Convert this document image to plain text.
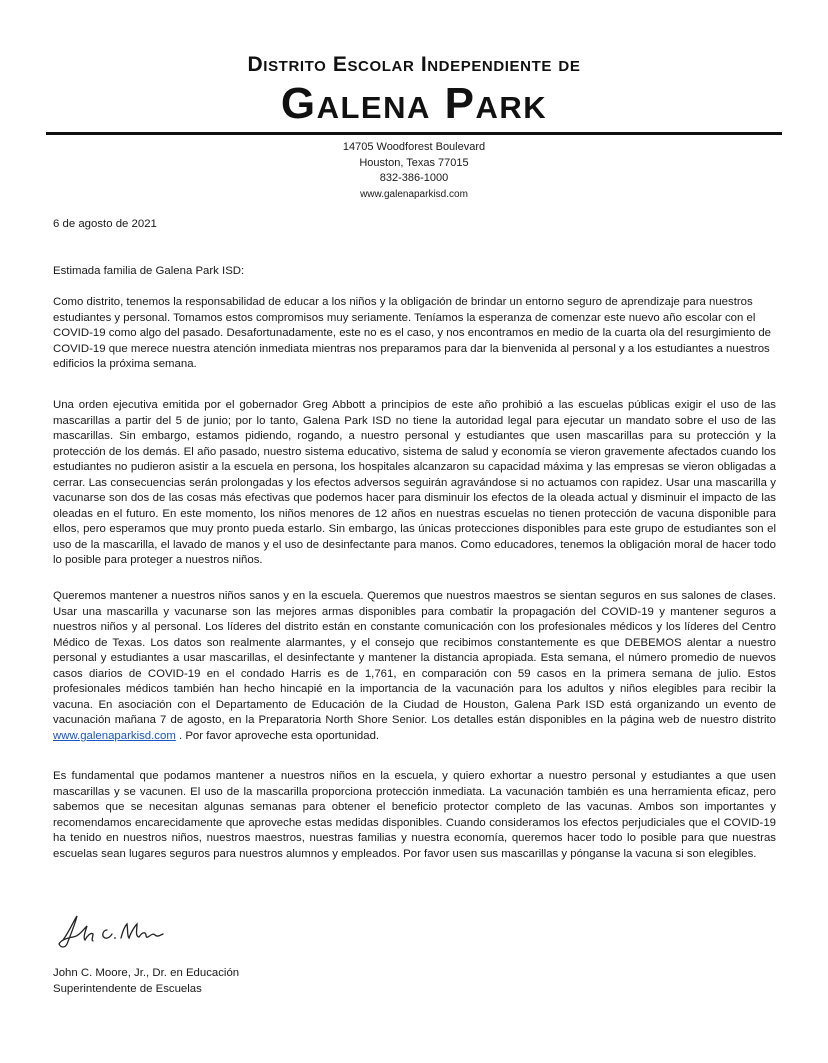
Distrito Escolar Independiente de
Galena Park
14705 Woodforest Boulevard
Houston, Texas 77015
832-386-1000
www.galenaparkisd.com
6 de agosto de 2021
Estimada familia de Galena Park ISD:
Como distrito, tenemos la responsabilidad de educar a los niños y la obligación de brindar un entorno seguro de aprendizaje para nuestros estudiantes y personal. Tomamos estos compromisos muy seriamente. Teníamos la esperanza de comenzar este nuevo año escolar con el COVID-19 como algo del pasado. Desafortunadamente, este no es el caso, y nos encontramos en medio de la cuarta ola del resurgimiento de COVID-19 que merece nuestra atención inmediata mientras nos preparamos para dar la bienvenida al personal y a los estudiantes a nuestros edificios la próxima semana.
Una orden ejecutiva emitida por el gobernador Greg Abbott a principios de este año prohibió a las escuelas públicas exigir el uso de las mascarillas a partir del 5 de junio; por lo tanto, Galena Park ISD no tiene la autoridad legal para ejecutar un mandato sobre el uso de las mascarillas. Sin embargo, estamos pidiendo, rogando, a nuestro personal y estudiantes que usen mascarillas para su protección y la protección de los demás. El año pasado, nuestro sistema educativo, sistema de salud y economía se vieron gravemente afectados cuando los estudiantes no pudieron asistir a la escuela en persona, los hospitales alcanzaron su capacidad máxima y las empresas se vieron obligadas a cerrar. Las consecuencias serán prolongadas y los efectos adversos seguirán agravándose si no actuamos con rapidez. Usar una mascarilla y vacunarse son dos de las cosas más efectivas que podemos hacer para disminuir los efectos de la oleada actual y disminuir el impacto de las oleadas en el futuro. En este momento, los niños menores de 12 años en nuestras escuelas no tienen protección de vacuna disponible para ellos, pero esperamos que muy pronto pueda estarlo. Sin embargo, las únicas protecciones disponibles para este grupo de estudiantes son el uso de la mascarilla, el lavado de manos y el uso de desinfectante para manos. Como educadores, tenemos la obligación moral de hacer todo lo posible para proteger a nuestros niños.
Queremos mantener a nuestros niños sanos y en la escuela. Queremos que nuestros maestros se sientan seguros en sus salones de clases. Usar una mascarilla y vacunarse son las mejores armas disponibles para combatir la propagación del COVID-19 y mantener seguros a nuestros niños y al personal. Los líderes del distrito están en constante comunicación con los profesionales médicos y los líderes del Centro Médico de Texas. Los datos son realmente alarmantes, y el consejo que recibimos constantemente es que DEBEMOS alentar a nuestro personal y estudiantes a usar mascarillas, el desinfectante y mantener la distancia apropiada. Esta semana, el número promedio de nuevos casos diarios de COVID-19 en el condado Harris es de 1,761, en comparación con 59 casos en la primera semana de julio. Estos profesionales médicos también han hecho hincapié en la importancia de la vacunación para los adultos y niños elegibles para recibir la vacuna. En asociación con el Departamento de Educación de la Ciudad de Houston, Galena Park ISD está organizando un evento de vacunación mañana 7 de agosto, en la Preparatoria North Shore Senior. Los detalles están disponibles en la página web de nuestro distrito www.galenaparkisd.com . Por favor aproveche esta oportunidad.
Es fundamental que podamos mantener a nuestros niños en la escuela, y quiero exhortar a nuestro personal y estudiantes a que usen mascarillas y se vacunen. El uso de la mascarilla proporciona protección inmediata. La vacunación también es una herramienta eficaz, pero sabemos que se necesitan algunas semanas para obtener el beneficio protector completo de las vacunas. Ambos son importantes y recomendamos encarecidamente que aproveche estas medidas disponibles. Cuando consideramos los efectos perjudiciales que el COVID-19 ha tenido en nuestros niños, nuestros maestros, nuestras familias y nuestra economía, queremos hacer todo lo posible para que nuestras escuelas sean lugares seguros para nuestros alumnos y empleados. Por favor usen sus mascarillas y pónganse la vacuna si son elegibles.
John C. Moore, Jr., Dr. en Educación
Superintendente de Escuelas
